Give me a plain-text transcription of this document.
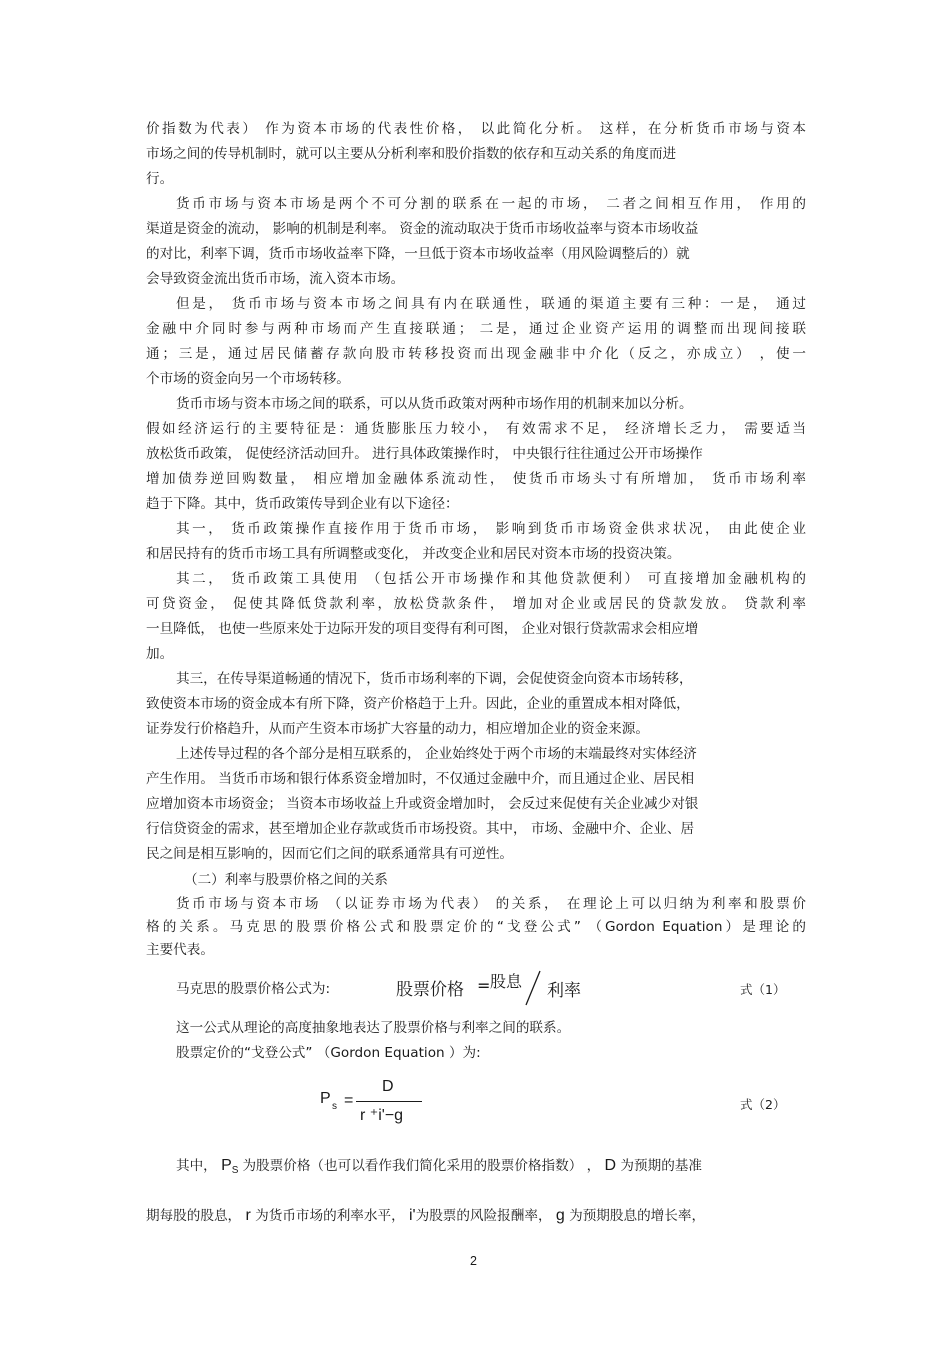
价指数为代表） 作为资本市场的代表性价格， 以此简化分析。 这样，在分析货币市场与资本
市场之间的传导机制时，就可以主要从分析利率和股价指数的依存和互动关系的角度而进
行。
货币市场与资本市场是两个不可分割的联系在一起的市场， 二者之间相互作用， 作用的
渠道是资金的流动， 影响的机制是利率。 资金的流动取决于货币市场收益率与资本市场收益
的对比，利率下调，货币市场收益率下降，一旦低于资本市场收益率（用风险调整后的）就
会导致资金流出货币市场，流入资本市场。
但是， 货币市场与资本市场之间具有内在联通性，联通的渠道主要有三种：一是， 通过
金融中介同时参与两种市场而产生直接联通； 二是，通过企业资产运用的调整而出现间接联
通；三是，通过居民储蓄存款向股市转移投资而出现金融非中介化（反之，亦成立） ，使一
个市场的资金向另一个市场转移。
货币市场与资本市场之间的联系，可以从货币政策对两种市场作用的机制来加以分析。
假如经济运行的主要特征是：通货膨胀压力较小， 有效需求不足， 经济增长乏力， 需要适当
放松货币政策， 促使经济活动回升。 进行具体政策操作时， 中央银行往往通过公开市场操作
增加债券逆回购数量， 相应增加金融体系流动性， 使货币市场头寸有所增加， 货币市场利率
趋于下降。其中，货币政策传导到企业有以下途径：
其一， 货币政策操作直接作用于货币市场， 影响到货币市场资金供求状况， 由此使企业
和居民持有的货币市场工具有所调整或变化， 并改变企业和居民对资本市场的投资决策。
其二， 货币政策工具使用 （包括公开市场操作和其他贷款便利） 可直接增加金融机构的
可贷资金， 促使其降低贷款利率，放松贷款条件， 增加对企业或居民的贷款发放。 贷款利率
一旦降低， 也使一些原来处于边际开发的项目变得有利可图， 企业对银行贷款需求会相应增
加。
其三，在传导渠道畅通的情况下，货币市场利率的下调，会促使资金向资本市场转移，
致使资本市场的资金成本有所下降，资产价格趋于上升。因此，企业的重置成本相对降低，
证券发行价格趋升，从而产生资本市场扩大容量的动力，相应增加企业的资金来源。
上述传导过程的各个部分是相互联系的， 企业始终处于两个市场的末端最终对实体经济
产生作用。 当货币市场和银行体系资金增加时，不仅通过金融中介，而且通过企业、居民相
应增加资本市场资金； 当资本市场收益上升或资金增加时， 会反过来促使有关企业减少对银
行信贷资金的需求，甚至增加企业存款或货币市场投资。其中， 市场、金融中介、企业、居
民之间是相互影响的，因而它们之间的联系通常具有可逆性。
（二）利率与股票价格之间的关系
货币市场与资本市场 （以证券市场为代表） 的关系， 在理论上可以归纳为利率和股票价
格的关系。马克思的股票价格公式和股票定价的“戈登公式” （Gordon Equation）是理论的
主要代表。
马克思的股票价格公式为:	股票价格 = 股息 利率	式（1）
这一公式从理论的高度抽象地表达了股票价格与利率之间的联系。
股票定价的“戈登公式” （Gordon Equation ）为:
P s =
D
r ⁺i'−g
式（2）
其中， $P_S$ 为股票价格（也可以看作我们简化采用的股票价格指数） ， D 为预期的基准
期每股的股息， r 为货币市场的利率水平， i'为股票的风险报酬率， g 为预期股息的增长率，
2
